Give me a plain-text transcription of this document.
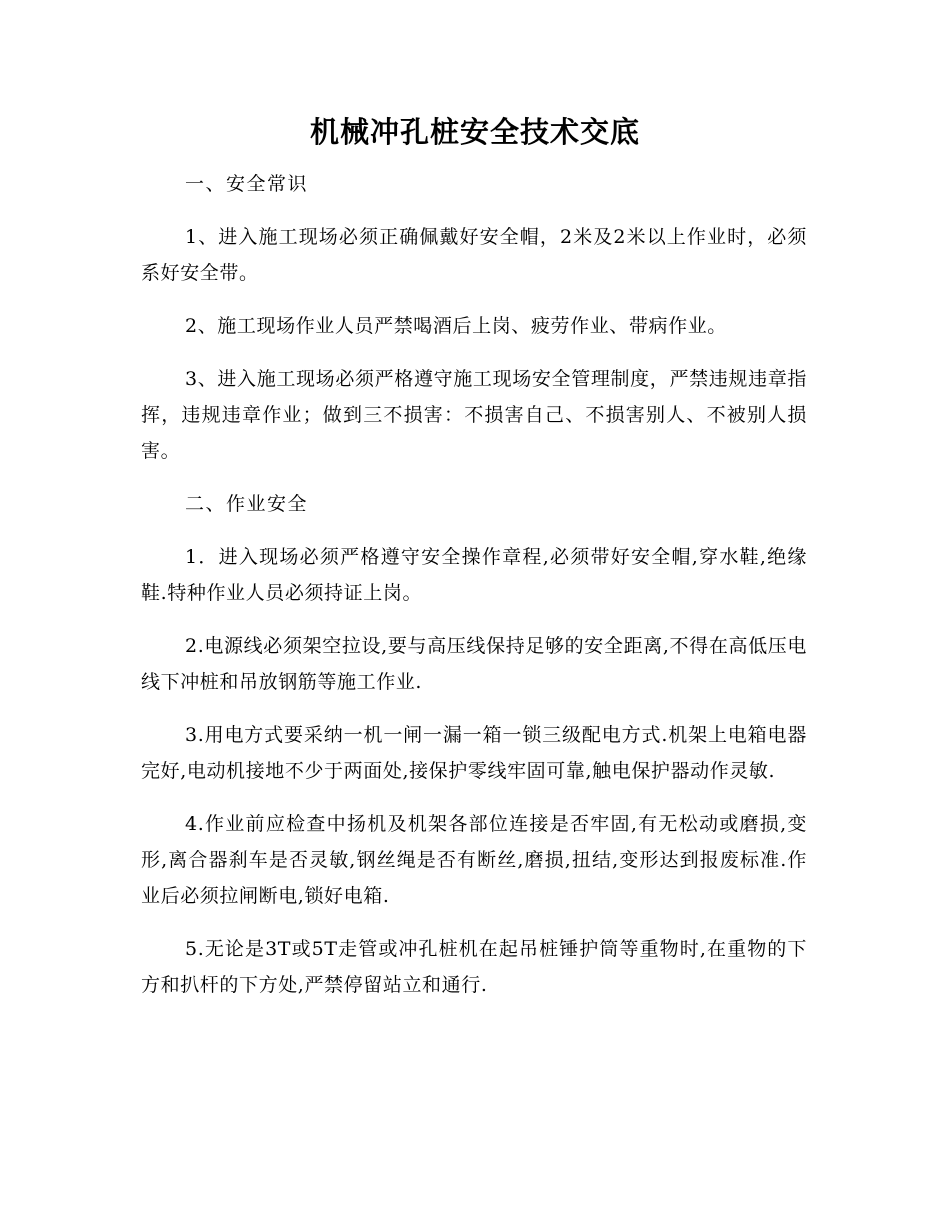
机械冲孔桩安全技术交底

一、安全常识

1、进入施工现场必须正确佩戴好安全帽，2米及2米以上作业时，必须系好安全带。

2、施工现场作业人员严禁喝酒后上岗、疲劳作业、带病作业。

3、进入施工现场必须严格遵守施工现场安全管理制度，严禁违规违章指挥，违规违章作业；做到三不损害：不损害自己、不损害别人、不被别人损害。

二、作业安全

1．进入现场必须严格遵守安全操作章程,必须带好安全帽,穿水鞋,绝缘鞋.特种作业人员必须持证上岗。

2.电源线必须架空拉设,要与高压线保持足够的安全距离,不得在高低压电线下冲桩和吊放钢筋等施工作业.

3.用电方式要采纳一机一闸一漏一箱一锁三级配电方式.机架上电箱电器完好,电动机接地不少于两面处,接保护零线牢固可靠,触电保护器动作灵敏.

4.作业前应检查中扬机及机架各部位连接是否牢固,有无松动或磨损,变形,离合器刹车是否灵敏,钢丝绳是否有断丝,磨损,扭结,变形达到报废标准.作业后必须拉闸断电,锁好电箱.

5.无论是3T或5T走管或冲孔桩机在起吊桩锤护筒等重物时,在重物的下方和扒杆的下方处,严禁停留站立和通行.
